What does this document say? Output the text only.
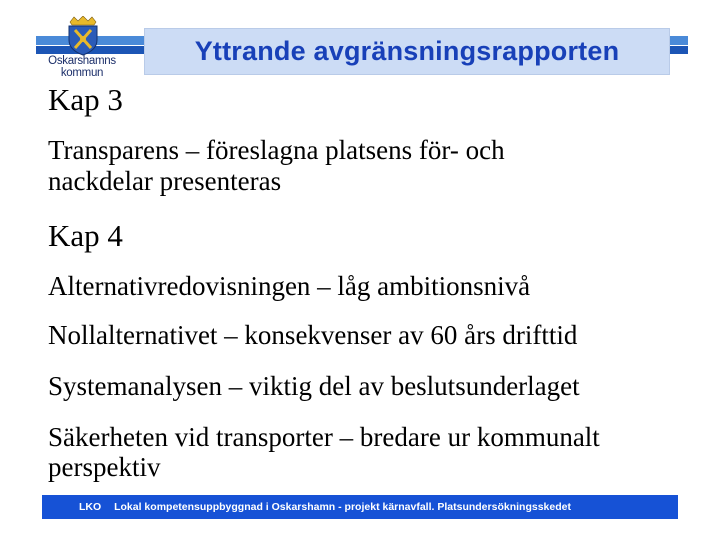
Oskarshamns
kommun
Yttrande avgränsningsrapporten
Kap 3
Transparens – föreslagna platsens för- och
nackdelar presenteras
Kap 4
Alternativredovisningen – låg ambitionsnivå
Nollalternativet – konsekvenser av 60 års drifttid
Systemanalysen – viktig del av beslutsunderlaget
Säkerheten vid transporter – bredare ur kommunalt
perspektiv
LKO Lokal kompetensuppbyggnad i Oskarshamn - projekt kärnavfall. Platsundersökningsskedet
